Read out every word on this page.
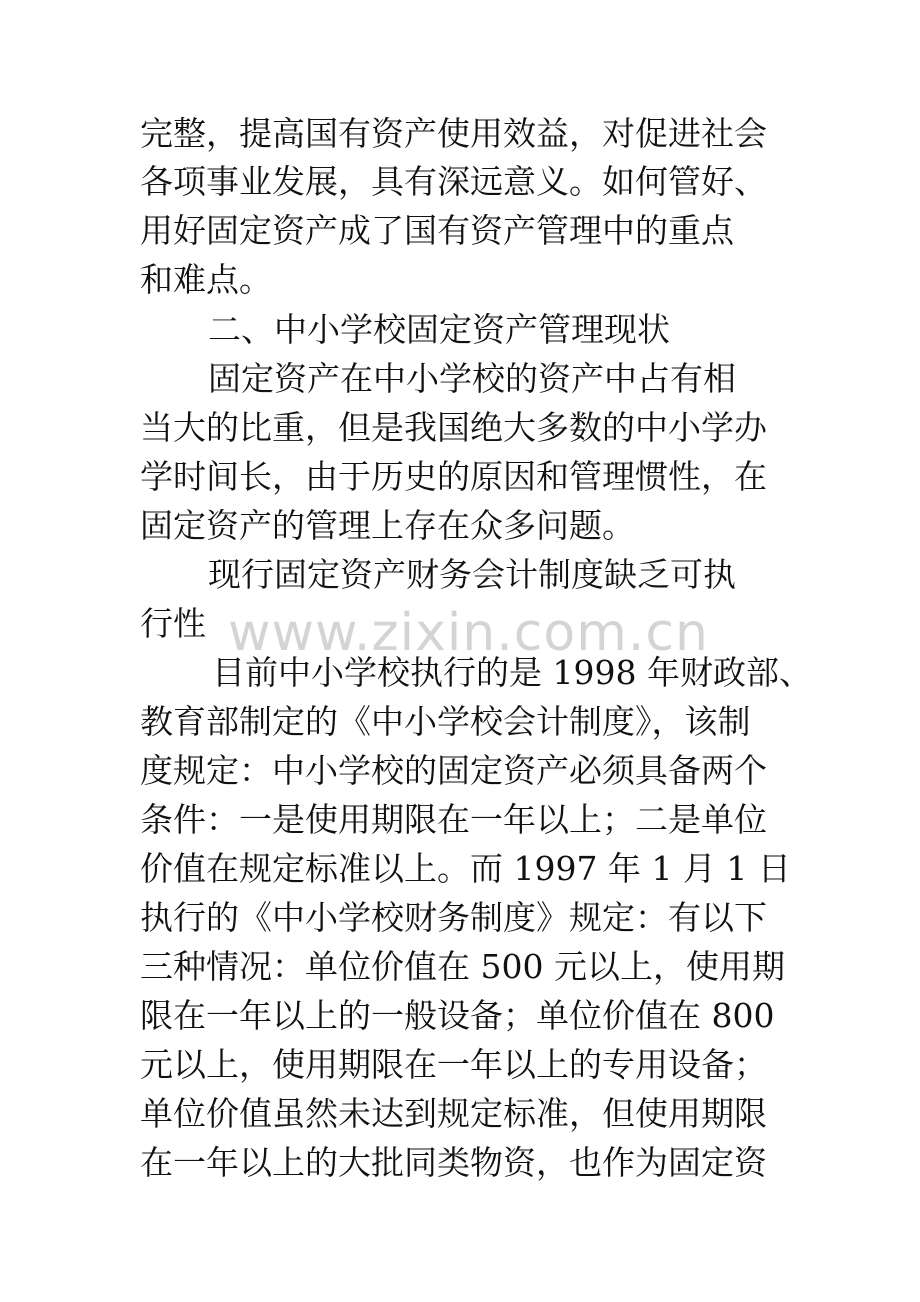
完整，提高国有资产使用效益，对促进社会
各项事业发展，具有深远意义。如何管好、
用好固定资产成了国有资产管理中的重点
和难点。
二、中小学校固定资产管理现状
固定资产在中小学校的资产中占有相
当大的比重，但是我国绝大多数的中小学办
学时间长，由于历史的原因和管理惯性，在
固定资产的管理上存在众多问题。
现行固定资产财务会计制度缺乏可执
行性
目前中小学校执行的是 1998 年财政部、
教育部制定的《中小学校会计制度》，该制
度规定：中小学校的固定资产必须具备两个
条件：一是使用期限在一年以上；二是单位
价值在规定标准以上。而 1997 年 1 月 1 日
执行的《中小学校财务制度》规定：有以下
三种情况：单位价值在 500 元以上，使用期
限在一年以上的一般设备；单位价值在 800
元以上，使用期限在一年以上的专用设备；
单位价值虽然未达到规定标准，但使用期限
在一年以上的大批同类物资，也作为固定资
www.zixin.com.cn
